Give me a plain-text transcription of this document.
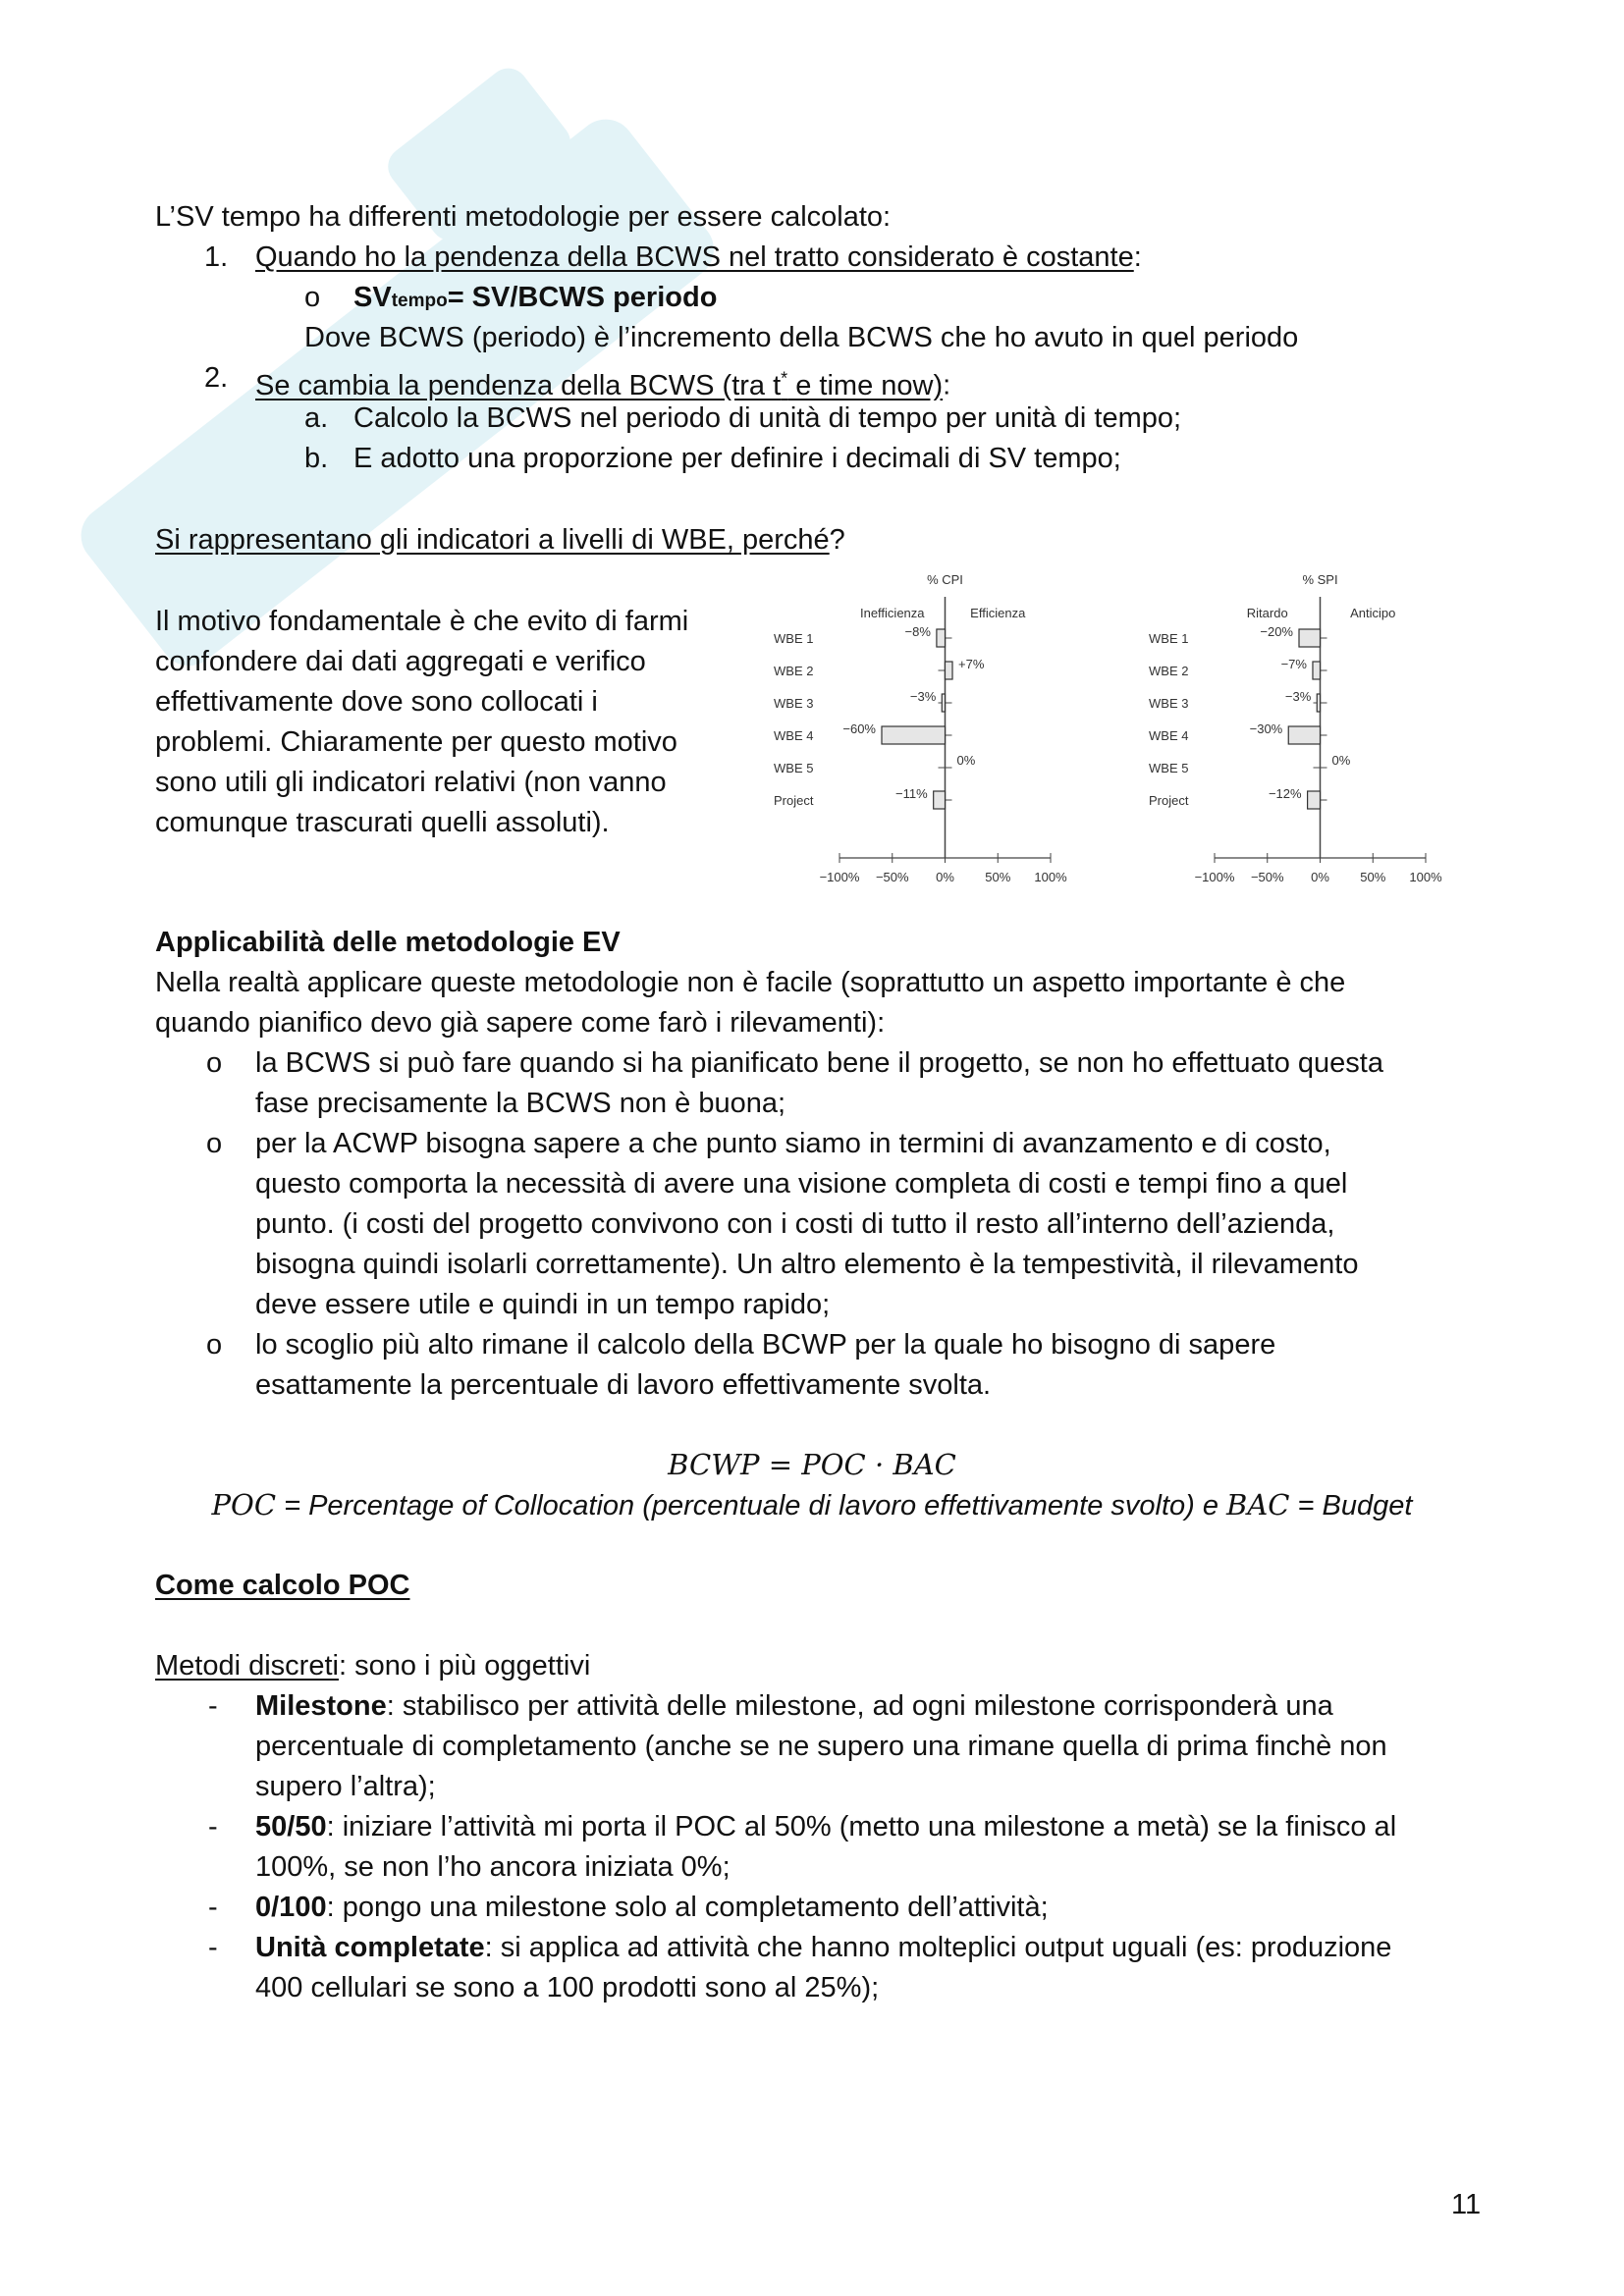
L’SV tempo ha differenti metodologie per essere calcolato:
1. Quando ho la pendenza della BCWS nel tratto considerato è costante:
o SVtempo= SV/BCWS periodo
Dove BCWS (periodo) è l’incremento della BCWS che ho avuto in quel periodo
2. Se cambia la pendenza della BCWS (tra t* e time now):
a. Calcolo la BCWS nel periodo di unità di tempo per unità di tempo;
b. E adotto una proporzione per definire i decimali di SV tempo;
Si rappresentano gli indicatori a livelli di WBE, perché?
Il motivo fondamentale è che evito di farmi
confondere dai dati aggregati e verifico
effettivamente dove sono collocati i
problemi. Chiaramente per questo motivo
sono utili gli indicatori relativi (non vanno
comunque trascurati quelli assoluti).
% CPI
Inefficienza	Efficienza
−100% −50% 0% 50% 100%
WBE 1	−8%
WBE 2	+7%
WBE 3	−3%
WBE 4 −60%
WBE 5
0%
Project	−11%
% SPI
Ritardo	Anticipo
−100% −50% 0% 50% 100%
WBE 1	−20%
WBE 2	−7%
WBE 3	−3%
WBE 4	−30%
WBE 5
0%
Project	−12%
Applicabilità delle metodologie EV
Nella realtà applicare queste metodologie non è facile (soprattutto un aspetto importante è che
quando pianifico devo già sapere come farò i rilevamenti):
o la BCWS si può fare quando si ha pianificato bene il progetto, se non ho effettuato questa
fase precisamente la BCWS non è buona;
o per la ACWP bisogna sapere a che punto siamo in termini di avanzamento e di costo,
questo comporta la necessità di avere una visione completa di costi e tempi fino a quel
punto. (i costi del progetto convivono con i costi di tutto il resto all’interno dell’azienda,
bisogna quindi isolarli correttamente). Un altro elemento è la tempestività, il rilevamento
deve essere utile e quindi in un tempo rapido;
o lo scoglio più alto rimane il calcolo della BCWP per la quale ho bisogno di sapere
esattamente la percentuale di lavoro effettivamente svolta.
BCWP = POC · BAC
POC = Percentage of Collocation (percentuale di lavoro effettivamente svolto) e BAC = Budget
Come calcolo POC
Metodi discreti: sono i più oggettivi
- Milestone: stabilisco per attività delle milestone, ad ogni milestone corrisponderà una
percentuale di completamento (anche se ne supero una rimane quella di prima finchè non
supero l’altra);
- 50/50: iniziare l’attività mi porta il POC al 50% (metto una milestone a metà) se la finisco al
100%, se non l’ho ancora iniziata 0%;
- 0/100: pongo una milestone solo al completamento dell’attività;
- Unità completate: si applica ad attività che hanno molteplici output uguali (es: produzione
400 cellulari se sono a 100 prodotti sono al 25%);
11
